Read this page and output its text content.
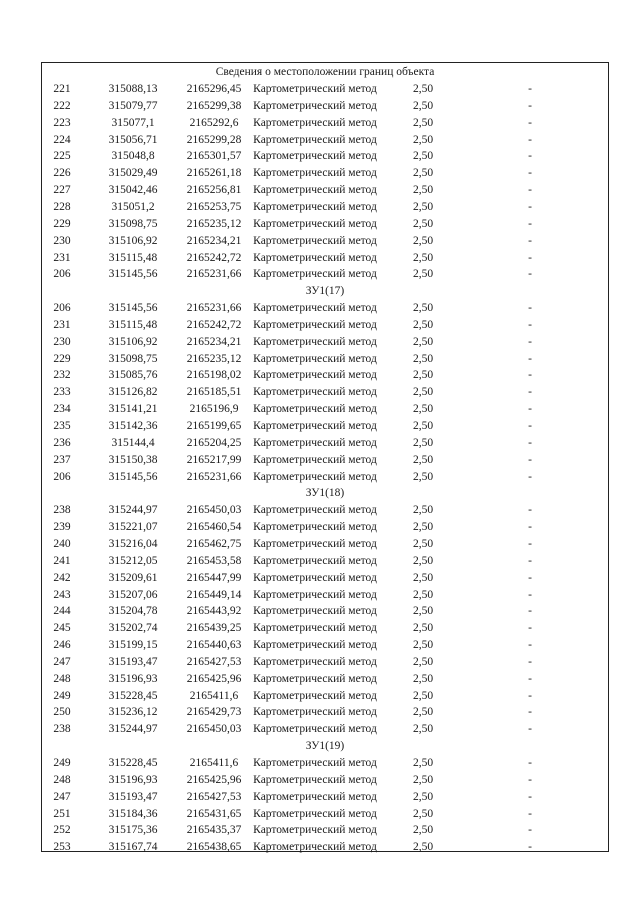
Сведения о местоположении границ объекта
221	315088,13	2165296,45	Картометрический метод	2,50	-
222	315079,77	2165299,38	Картометрический метод	2,50	-
223	315077,1	2165292,6	Картометрический метод	2,50	-
224	315056,71	2165299,28	Картометрический метод	2,50	-
225	315048,8	2165301,57	Картометрический метод	2,50	-
226	315029,49	2165261,18	Картометрический метод	2,50	-
227	315042,46	2165256,81	Картометрический метод	2,50	-
228	315051,2	2165253,75	Картометрический метод	2,50	-
229	315098,75	2165235,12	Картометрический метод	2,50	-
230	315106,92	2165234,21	Картометрический метод	2,50	-
231	315115,48	2165242,72	Картометрический метод	2,50	-
206	315145,56	2165231,66	Картометрический метод	2,50	-
ЗУ1(17)
206	315145,56	2165231,66	Картометрический метод	2,50	-
231	315115,48	2165242,72	Картометрический метод	2,50	-
230	315106,92	2165234,21	Картометрический метод	2,50	-
229	315098,75	2165235,12	Картометрический метод	2,50	-
232	315085,76	2165198,02	Картометрический метод	2,50	-
233	315126,82	2165185,51	Картометрический метод	2,50	-
234	315141,21	2165196,9	Картометрический метод	2,50	-
235	315142,36	2165199,65	Картометрический метод	2,50	-
236	315144,4	2165204,25	Картометрический метод	2,50	-
237	315150,38	2165217,99	Картометрический метод	2,50	-
206	315145,56	2165231,66	Картометрический метод	2,50	-
ЗУ1(18)
238	315244,97	2165450,03	Картометрический метод	2,50	-
239	315221,07	2165460,54	Картометрический метод	2,50	-
240	315216,04	2165462,75	Картометрический метод	2,50	-
241	315212,05	2165453,58	Картометрический метод	2,50	-
242	315209,61	2165447,99	Картометрический метод	2,50	-
243	315207,06	2165449,14	Картометрический метод	2,50	-
244	315204,78	2165443,92	Картометрический метод	2,50	-
245	315202,74	2165439,25	Картометрический метод	2,50	-
246	315199,15	2165440,63	Картометрический метод	2,50	-
247	315193,47	2165427,53	Картометрический метод	2,50	-
248	315196,93	2165425,96	Картометрический метод	2,50	-
249	315228,45	2165411,6	Картометрический метод	2,50	-
250	315236,12	2165429,73	Картометрический метод	2,50	-
238	315244,97	2165450,03	Картометрический метод	2,50	-
ЗУ1(19)
249	315228,45	2165411,6	Картометрический метод	2,50	-
248	315196,93	2165425,96	Картометрический метод	2,50	-
247	315193,47	2165427,53	Картометрический метод	2,50	-
251	315184,36	2165431,65	Картометрический метод	2,50	-
252	315175,36	2165435,37	Картометрический метод	2,50	-
253	315167,74	2165438,65	Картометрический метод	2,50	-
